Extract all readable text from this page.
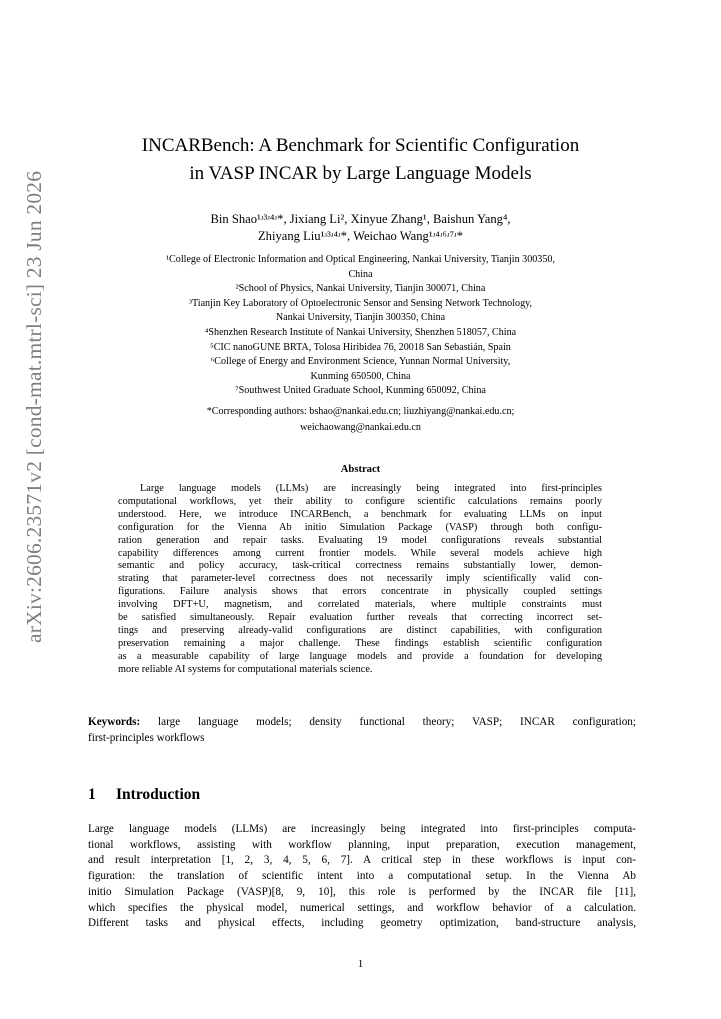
arXiv:2606.23571v2 [cond-mat.mtrl-sci] 23 Jun 2026
INCARBench: A Benchmark for Scientific Configuration
in VASP INCAR by Large Language Models
Bin Shao¹ʴ³ʴ⁴ʴ*, Jixiang Li², Xinyue Zhang¹, Baishun Yang⁴,
Zhiyang Liu¹ʴ³ʴ⁴ʴ*, Weichao Wang¹ʴ⁴ʴ⁶ʴ⁷ʴ*
¹College of Electronic Information and Optical Engineering, Nankai University, Tianjin 300350,
China
²School of Physics, Nankai University, Tianjin 300071, China
³Tianjin Key Laboratory of Optoelectronic Sensor and Sensing Network Technology,
Nankai University, Tianjin 300350, China
⁴Shenzhen Research Institute of Nankai University, Shenzhen 518057, China
⁵CIC nanoGUNE BRTA, Tolosa Hiribidea 76, 20018 San Sebastián, Spain
⁶College of Energy and Environment Science, Yunnan Normal University,
Kunming 650500, China
⁷Southwest United Graduate School, Kunming 650092, China
*Corresponding authors: bshao@nankai.edu.cn; liuzhiyang@nankai.edu.cn;
weichaowang@nankai.edu.cn
Abstract
Large language models (LLMs) are increasingly being integrated into first-principles
computational workflows, yet their ability to configure scientific calculations remains poorly
understood. Here, we introduce INCARBench, a benchmark for evaluating LLMs on input
configuration for the Vienna Ab initio Simulation Package (VASP) through both configu-
ration generation and repair tasks. Evaluating 19 model configurations reveals substantial
capability differences among current frontier models. While several models achieve high
semantic and policy accuracy, task-critical correctness remains substantially lower, demon-
strating that parameter-level correctness does not necessarily imply scientifically valid con-
figurations. Failure analysis shows that errors concentrate in physically coupled settings
involving DFT+U, magnetism, and correlated materials, where multiple constraints must
be satisfied simultaneously. Repair evaluation further reveals that correcting incorrect set-
tings and preserving already-valid configurations are distinct capabilities, with configuration
preservation remaining a major challenge. These findings establish scientific configuration
as a measurable capability of large language models and provide a foundation for developing
more reliable AI systems for computational materials science.
Keywords: large language models; density functional theory; VASP; INCAR configuration;
first-principles workflows
1 Introduction
Large language models (LLMs) are increasingly being integrated into first-principles computa-
tional workflows, assisting with workflow planning, input preparation, execution management,
and result interpretation [1, 2, 3, 4, 5, 6, 7]. A critical step in these workflows is input con-
figuration: the translation of scientific intent into a computational setup. In the Vienna Ab
initio Simulation Package (VASP)[8, 9, 10], this role is performed by the INCAR file [11],
which specifies the physical model, numerical settings, and workflow behavior of a calculation.
Different tasks and physical effects, including geometry optimization, band-structure analysis,
1
